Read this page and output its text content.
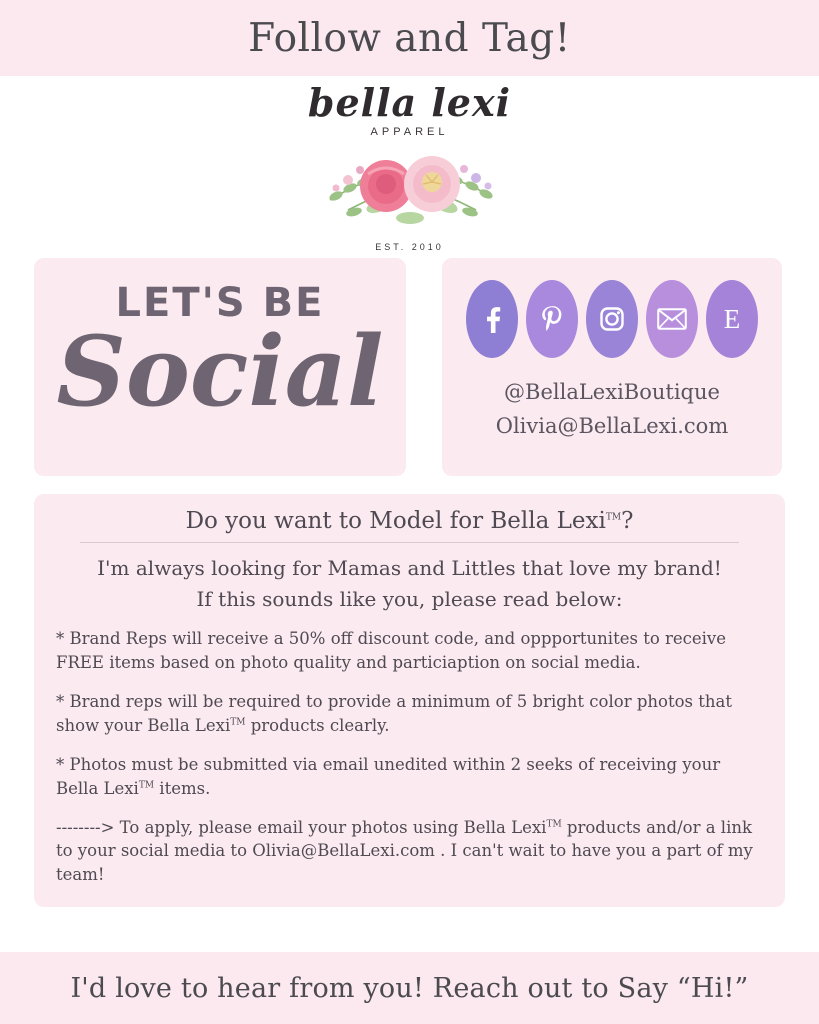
Follow and Tag!
bella lexi
APPAREL
EST. 2010
LET'S BE
Social	E
@BellaLexiBoutique
Olivia@BellaLexi.com
Do you want to Model for Bella Lexi™?
I'm always looking for Mamas and Littles that love my brand!
If this sounds like you, please read below:
* Brand Reps will receive a 50% off discount code, and oppportunites to receive FREE items based on photo quality and particiaption on social media.
* Brand reps will be required to provide a minimum of 5 bright color photos that show your Bella Lexi™ products clearly.
* Photos must be submitted via email unedited within 2 seeks of receiving your Bella Lexi™ items.
--------> To apply, please email your photos using Bella Lexi™ products and/or a link to your social media to Olivia@BellaLexi.com . I can't wait to have you a part of my team!
I'd love to hear from you! Reach out to Say “Hi!”
